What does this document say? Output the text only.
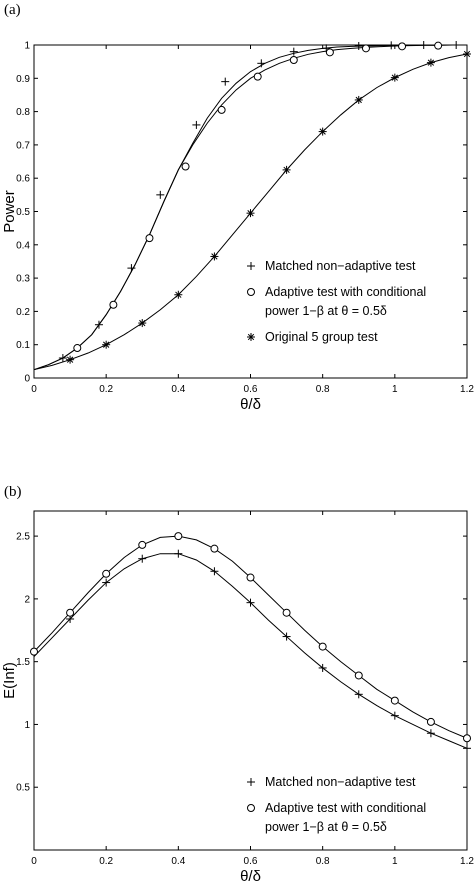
(a)
0	0.2	0.4	0.6	0.8	1	1.2
0
0.1
0.2
0.3
0.4
0.5
0.6
0.7
0.8
0.9
1
θ/δ
Power
Matched non−adaptive test
Adaptive test with conditional
power 1−β at θ = 0.5δ
Original 5 group test
(b)
0	0.2	0.4	0.6	0.8	1	1.2
0.5
1
1.5
2
2.5
θ/δ
E(Inf)
Matched non−adaptive test
Adaptive test with conditional
power 1−β at θ = 0.5δ
